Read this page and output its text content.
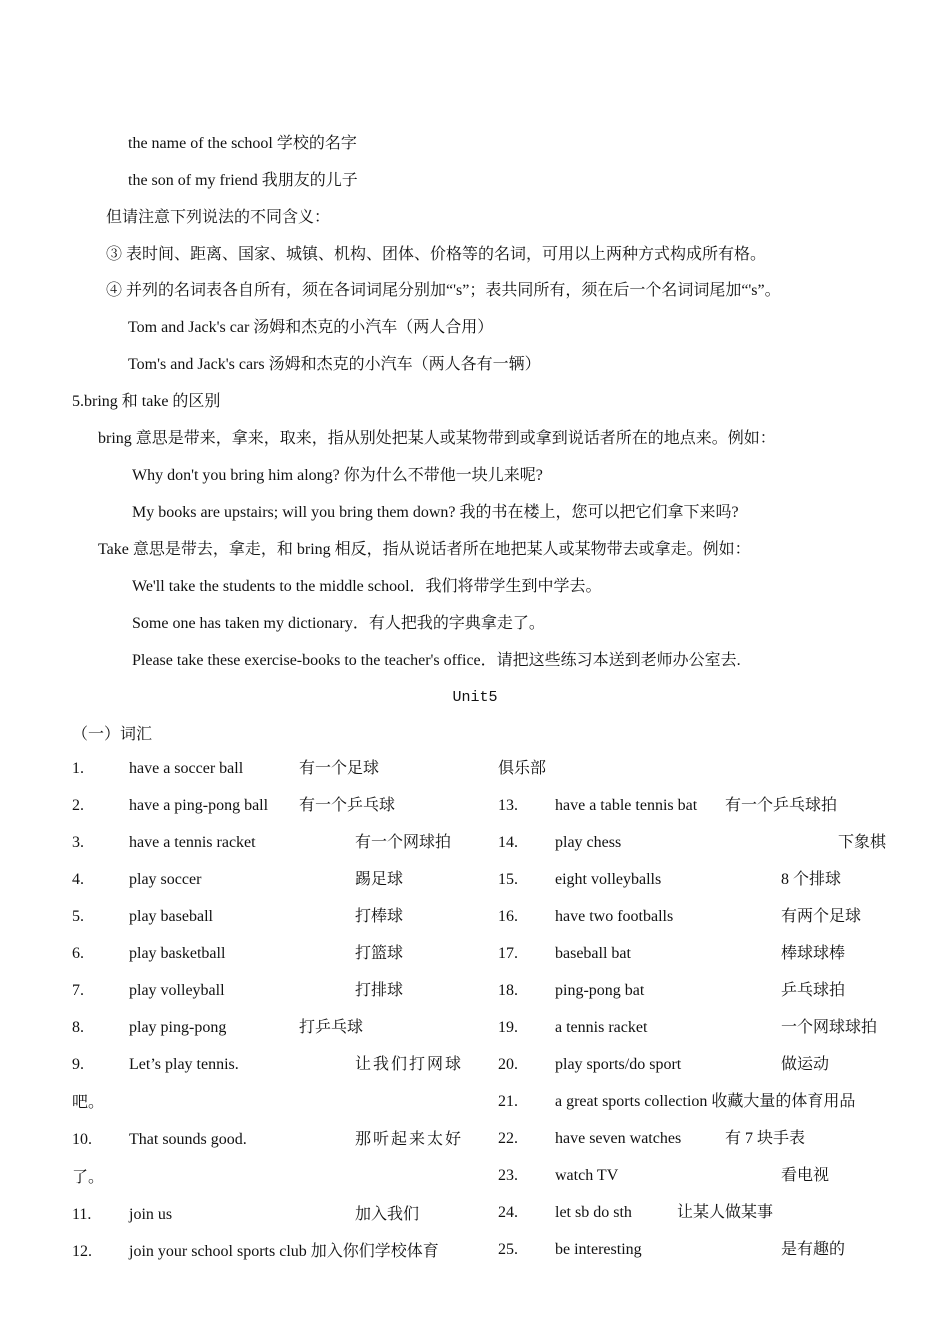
the name of the school 学校的名字
the son of my friend 我朋友的儿子
但请注意下列说法的不同含义：
③ 表时间、距离、国家、城镇、机构、团体、价格等的名词，可用以上两种方式构成所有格。
④ 并列的名词表各自所有，须在各词词尾分别加“'s”；表共同所有，须在后一个名词词尾加“'s”。
Tom and Jack's car 汤姆和杰克的小汽车（两人合用）
Tom's and Jack's cars 汤姆和杰克的小汽车（两人各有一辆）
5.bring 和 take 的区别
bring 意思是带来，拿来，取来，指从别处把某人或某物带到或拿到说话者所在的地点来。例如：
Why don't you bring him along? 你为什么不带他一块儿来呢?
My books are upstairs; will you bring them down? 我的书在楼上，您可以把它们拿下来吗?
Take 意思是带去，拿走，和 bring 相反，指从说话者所在地把某人或某物带去或拿走。例如：
We'll take the students to the middle school．我们将带学生到中学去。
Some one has taken my dictionary．有人把我的字典拿走了。
Please take these exercise-books to the teacher's office．请把这些练习本送到老师办公室去.
Unit5
（一）词汇
1.	have a soccer ball	有一个足球
2.	have a ping-pong ball 有一个乒乓球
3.	have a tennis racket	有一个网球拍
4.	play soccer	踢足球
5.	play baseball	打棒球
6.	play basketball	打篮球
7.	play volleyball	打排球
8.	play ping-pong	打乒乓球
9.	Let’s play tennis.	让我们打网球
吧。
10. That sounds good.	那听起来太好
了。
11. join us	加入我们
12. join your school sports club 加入你们学校体育
俱乐部
13. have a table tennis bat 有一个乒乓球拍
14. play chess	下象棋
15. eight volleyballs	8 个排球
16. have two footballs	有两个足球
17. baseball bat	棒球球棒
18. ping-pong bat	乒乓球拍
19. a tennis racket	一个网球球拍
20. play sports/do sport	做运动
21. a great sports collection 收藏大量的体育用品
22. have seven watches	有 7 块手表
23. watch TV	看电视
24. let sb do sth	让某人做某事
25. be interesting	是有趣的
